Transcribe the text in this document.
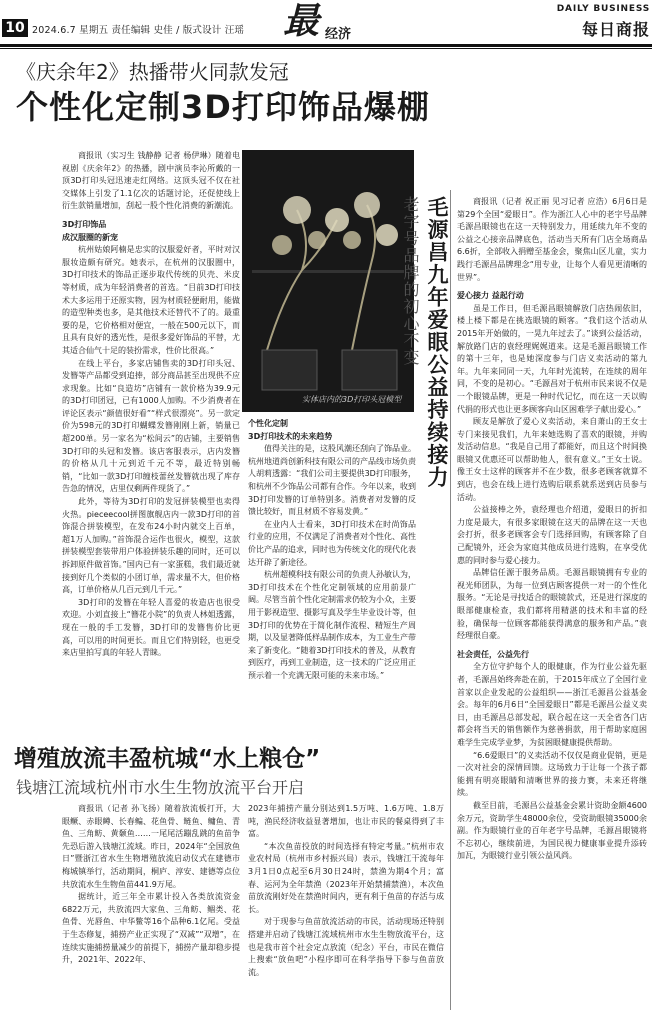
10 2024.6.7 星期五 责任编辑 史佳 / 版式设计 汪瑶 最 经济
DAILY BUSINESS
每日商报
《庆余年2》热播带火同款发冠
个性化定制3D打印饰品爆棚

商报讯（实习生 钱静静 记者 杨伊琳）随着电视剧《庆余年2》的热播，剧中演员李沁所戴的一顶3D打印头冠迅速走红网络。这顶头冠不仅在社交媒体上引发了1.1亿次的话题讨论，还促使线上衍生款销量增加，刮起一股个性化消费的新潮流。

3D打印饰品
成汉服圈的新宠

杭州姑娘阿楠是忠实的汉服爱好者，平时对汉服妆造颇有研究。她表示，在杭州的汉服圈中，3D打印技术的饰品正逐步取代传统的贝壳、米皮等材质，成为年轻消费者的首选。“目前3D打印技术大多运用于还原实物，因为材质轻便耐用，能做的造型种类也多，是其他技术还替代不了的。最重要的是，它价格相对便宜，一般在500元以下，而且具有良好的透光性，是很多爱好饰品的平替，尤其适合仙气十足的装扮需求，性价比很高。”

在线上平台，多家店铺售卖的3D打印头冠、发簪等产品都受到追捧，部分商品甚至出现供不应求现象。比如“良造坊”店铺有一款价格为39.9元的3D打印团冠，已有1000人加购。不少消费者在评论区表示“颜值很好看”“样式很漂亮”。另一款定价为598元的3D打印蝴蝶发簪刚刚上新，销量已超200单。另一家名为“松间云”的店铺，主要销售3D打印的头冠和发簪。该店客服表示，店内发簪的价格从几十元到近千元不等，最近特别畅销，“比如一款3D打印缠枝蕾丝发簪就出现了库存告急的情况，店里仅剩两件现货了。”

此外，等待为3D打印的发冠拼装模型也卖得火热。pieceecool拼图旗舰店内一款3D打印的首饰混合拼装模型，在发布24小时内就交上百单，超1万人加购。”首饰混合运作也很火，模型，这款拼装模型套装带用户体验拼装乐趣的同时，还可以拆卸原件做首饰。”国内已有一家蛋糕，我们最近就接到好几个类似的小团订单，需求量不大，但价格高，订单价格从几百元到几千元。”

3D打印的发簪在年轻人喜爱的妆造店也很受欢迎。小刘直接上“簪花小院”的负责人林姐透露，现在一般的手工发簪，3D打印的发簪售价比更高，可以用的时间更长。而且它们特别轻，也更受来店里拍写真的年轻人青睐。

实体店内的3D打印头冠模型

个性化定制
3D打印技术的未来趋势

值得关注的是，这股风潮还刮向了饰品业。杭州地道尚创新科技有限公司的产品线市场负责人胡莉透露：“我们公司主要提供3D打印服务，和杭州不少饰品公司都有合作。今年以来，收到3D打印发簪的订单特别多。消费者对发簪的反馈比较好，而且材质不容易发黄。”

在业内人士看来，3D打印技术在时尚饰品行业的应用，不仅满足了消费者对个性化、高性价比产品的追求，同时也为传统文化的现代化表达开辟了新途径。

杭州超模科技有限公司的负责人孙敏认为，3D打印技术在个性化定制领域的应用前景广阔。尽管当前个性化定制需求仍较为小众，主要用于影视造型、摄影写真及学生毕业设计等，但3D打印的优势在于简化制作流程、精短生产周期，以及显著降低样品制作成本，为工业生产带来了新变化。“随着3D打印技术的普及，从教育到医疗，再到工业制造，这一技术的广泛应用正预示着一个充满无限可能的未来市场。”

毛源昌九年爱眼公益持续接力
老字号品牌的初心不变	商报讯（记者 祝正丽 见习记者 应浩）6月6日是第29个全国“爱眼日”。作为浙江人心中的老字号品牌毛源昌眼镜也在这一天特别发力，用延续九年不变的公益之心接亲品牌底色，活动当天所有门店全场商品6.6折，全部收入捐赠至基金会，聚焦山区儿童，实力践行毛源昌品牌理念“用专业，让每个人看见更清晰的世界”。

爱心接力 益起行动

虽是工作日，但毛源昌眼镜解放门店热闹依旧，楼上楼下都是在挑选眼镜的顾客。“我们这个活动从2015年开始做的，一晃九年过去了。”谈到公益活动，解放路门店的袁经理娓娓道来。这是毛源昌眼镜工作的第十三年，也是她深度参与门店义卖活动的第九年。九年来同同一天，九年时光流转，在连续的周年同，不变的是初心。“毛源昌对于杭州市民来说不仅是一个眼镜品牌，更是一种时代记忆，而在这一天以购代捐的形式也让更多顾客向山区困难学子献出爱心。”

顾友是解放了爱心义卖活动，来自萧山的王女士专门来接见我们，九年来她选购了喜欢的眼镜，并购发活动信息。“我是自己用了都能好，而且这个时间换眼镜又优惠还可以帮助他人，很有意义。”王女士说。像王女士这样的顾客并不在少数，很多老顾客就算不到店，也会在线上进行选购后联系就系送到店员参与活动。

公益接棒之外，袁经理也介绍道，爱眼日的折扣力度是最大，有很多家眼镜在这天的品牌在这一天也会打折，很多老顾客会专门选择回购，有顾客除了自己配镜外，还会为家庭其他成员进行选购，在享受优惠的同时参与爱心接力。

品牌信任源于服务品质。毛源昌眼镜拥有专业的视光师团队，为每一位到店顾客提供一对一的个性化服务。“无论是寻找适合的眼镜款式，还是进行深度的眼部健康检查，我们都将用精湛的技术和丰富的经验，确保每一位顾客都能获得满意的服务和产品。”袁经理很自豪。

社会责任，公益先行

全方位守护每个人的眼健康，作为行业公益先驱者，毛源昌始终奔赴在前，于2015年成立了全国行业首家以企业发起的公益组织——浙江毛源昌公益基金会。每年的6月6日“全国爱眼日”都是毛源昌公益义卖日，由毛源昌总部发起，联合起在这一天全省各门店都会将当天的销售额作为慈善捐款，用于帮助家庭困难学生完成学业梦，为贫困眼健康提供帮助。

“6.6爱眼日”的义卖活动不仅仅是商业促销，更是一次对社会的深情回馈。这场致力于让每一个孩子都能拥有明亮眼睛和清晰世界的接力赛，未来还将继续。

截至目前，毛源昌公益基金会累计资助金额4600余万元，资助学生48000余位，受资助眼镜35000余副。作为眼镜行业的百年老字号品牌，毛源昌眼镜将不忘初心，继续前进，为国民视力健康事业提升添砖加瓦，为眼镜行业引领公益风尚。

增殖放流丰盈杭城“水上粮仓”
钱塘江流域杭州市水生生物放流平台开启

商报讯（记者 孙飞扬）随着放流板打开，大眼鳜、赤眼鳟、长春鳊、花鱼骨、鲢鱼、鳙鱼、青鱼、三角鲂、黄颡鱼……一尾尾活蹦乱跳的鱼苗争先恐后游入钱塘江流域。昨日，2024年“全国放鱼日”暨浙江省水生生物增殖放流启动仪式在建德市梅城镇举行，活动期间，桐庐、淳安、建德等点位共放流水生生物鱼苗441.9万尾。

据统计，近三年全市累计投入各类放流资金6822万元，共放流四大家鱼、三角鲂、鲴类、花鱼骨、光唇鱼、中华鳖等16个品种6.1亿尾。受益于生态修复，捕捞产业正实现了“双减”“双增”，在连续实施捕捞量减少的前提下，捕捞产量却稳步提升，2021年、2022年、

2023年捕捞产量分别达到1.5万吨、1.6万吨、1.8万吨，渔民经济收益显著增加，也让市民的餐桌得到了丰富。

“本次鱼苗投放的时间选择有特定考量。”杭州市农业农村局（杭州市乡村振兴局）表示，钱塘江干流每年3月1日0点起至6月30日24时，禁渔为期4个月；富春、运河为全年禁渔（2023年开始禁捕禁渔），本次鱼苗放流刚好处在禁渔时间内，更有利于鱼苗的存活与成长。

对于现参与鱼苗放流活动的市民，活动现场还特别搭建并启动了钱塘江流域杭州市水生生物放流平台，这也是我市首个社会定点放流（纪念）平台，市民在微信上搜索“放鱼吧”小程序即可在科学指导下参与鱼苗放流。
